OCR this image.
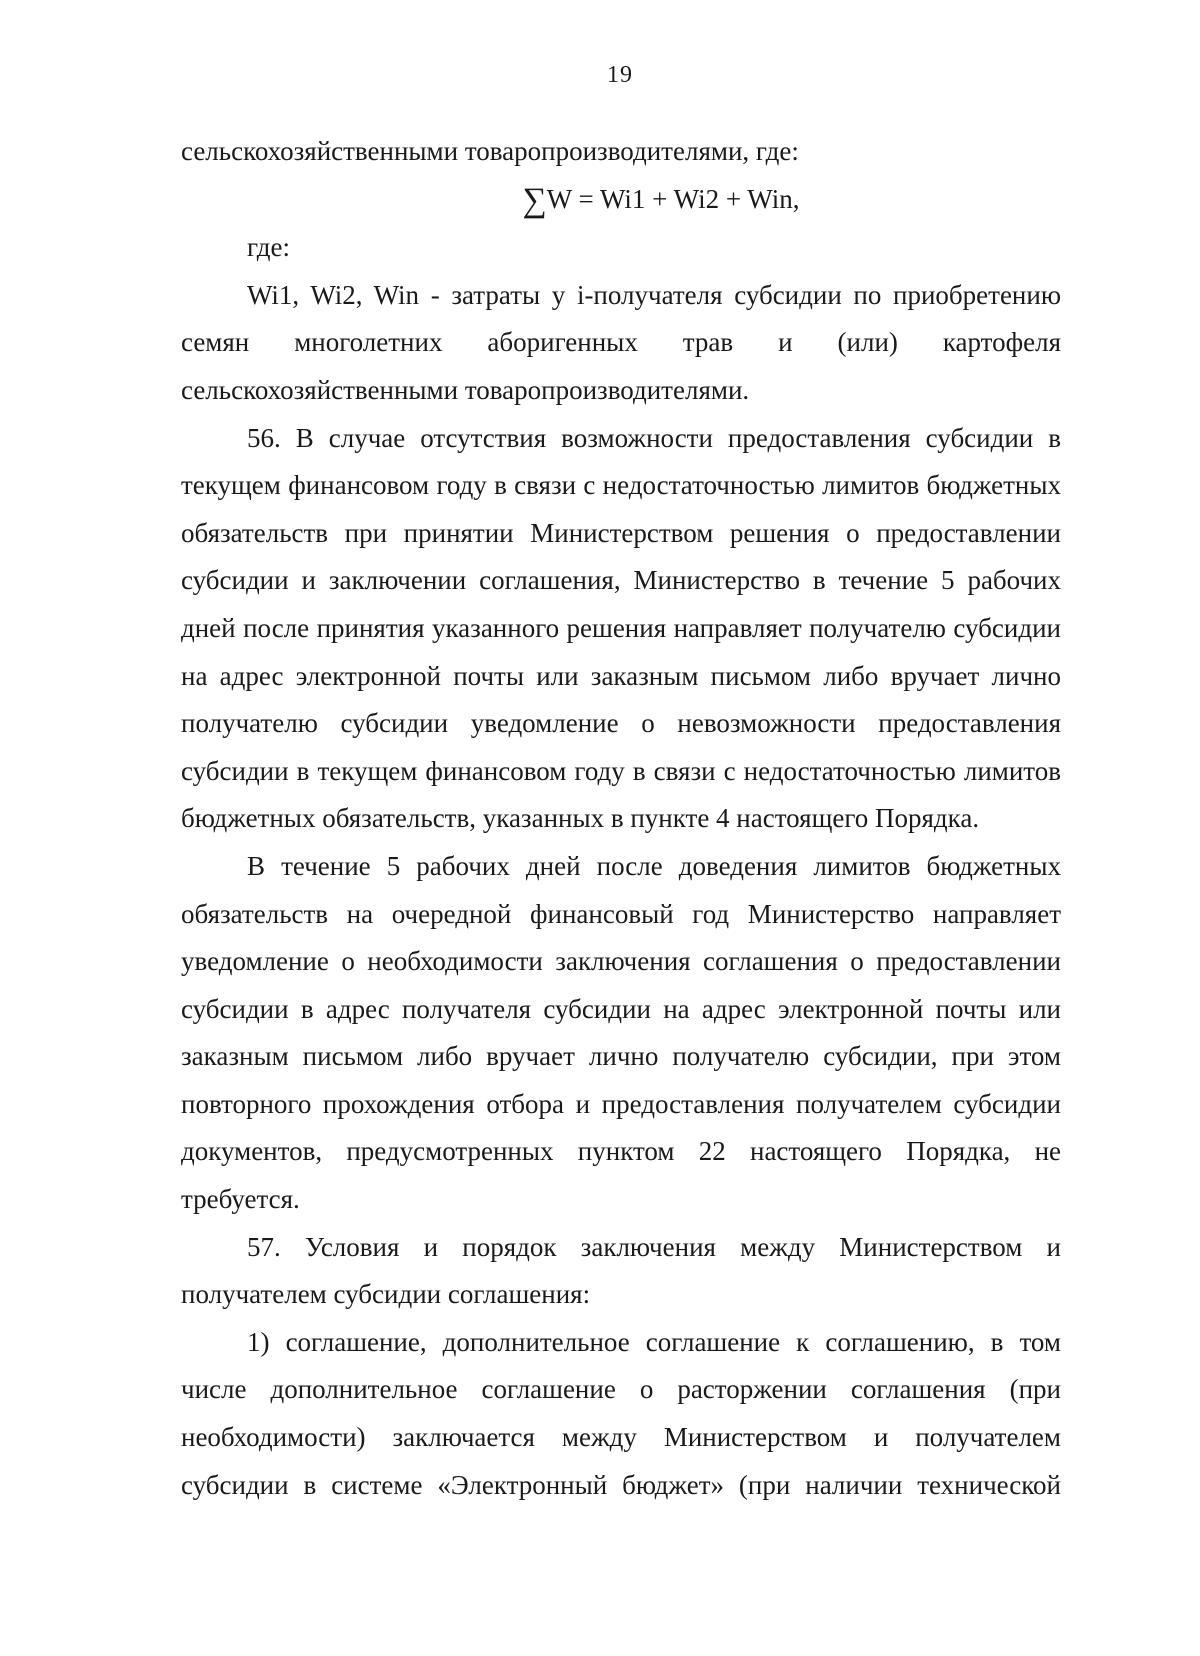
19

сельскохозяйственными товаропроизводителями, где:

∑W = Wi1 + Wi2 + Win,

где:

Wi1, Wi2, Win - затраты у i-получателя субсидии по приобретению
семян многолетних аборигенных трав и (или) картофеля
сельскохозяйственными товаропроизводителями.

56. В случае отсутствия возможности предоставления субсидии в текущем финансовом году в связи с недостаточностью лимитов бюджетных обязательств при принятии Министерством решения о предоставлении субсидии и заключении соглашения, Министерство в течение 5 рабочих дней после принятия указанного решения направляет получателю субсидии на адрес электронной почты или заказным письмом либо вручает лично получателю субсидии уведомление о невозможности предоставления субсидии в текущем финансовом году в связи с недостаточностью лимитов бюджетных обязательств, указанных в пункте 4 настоящего Порядка.

В течение 5 рабочих дней после доведения лимитов бюджетных обязательств на очередной финансовый год Министерство направляет уведомление о необходимости заключения соглашения о предоставлении субсидии в адрес получателя субсидии на адрес электронной почты или заказным письмом либо вручает лично получателю субсидии, при этом повторного прохождения отбора и предоставления получателем субсидии документов, предусмотренных пунктом 22 настоящего Порядка, не требуется.

57. Условия и порядок заключения между Министерством и получателем субсидии соглашения:

1) соглашение, дополнительное соглашение к соглашению, в том числе дополнительное соглашение о расторжении соглашения (при необходимости) заключается между Министерством и получателем субсидии в системе «Электронный бюджет» (при наличии технической
